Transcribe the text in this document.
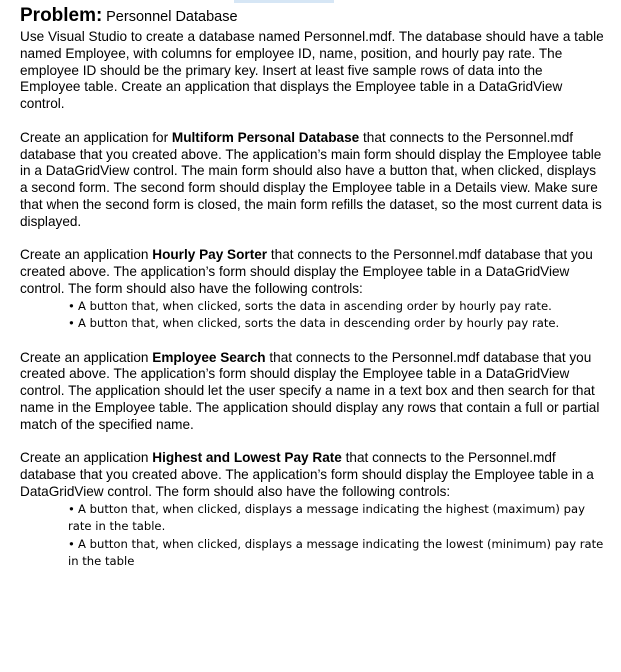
Problem: Personnel Database

Use Visual Studio to create a database named Personnel.mdf. The database should have a table named Employee, with columns for employee ID, name, position, and hourly pay rate. The employee ID should be the primary key. Insert at least five sample rows of data into the Employee table. Create an application that displays the Employee table in a DataGridView control.

Create an application for Multiform Personal Database that connects to the Personnel.mdf database that you created above. The application’s main form should display the Employee table in a DataGridView control. The main form should also have a button that, when clicked, displays a second form. The second form should display the Employee table in a Details view. Make sure that when the second form is closed, the main form refills the dataset, so the most current data is displayed.

Create an application Hourly Pay Sorter that connects to the Personnel.mdf database that you created above. The application’s form should display the Employee table in a DataGridView control. The form should also have the following controls:

• A button that, when clicked, sorts the data in ascending order by hourly pay rate.
• A button that, when clicked, sorts the data in descending order by hourly pay rate.

Create an application Employee Search that connects to the Personnel.mdf database that you created above. The application’s form should display the Employee table in a DataGridView control. The application should let the user specify a name in a text box and then search for that name in the Employee table. The application should display any rows that contain a full or partial match of the specified name.

Create an application Highest and Lowest Pay Rate that connects to the Personnel.mdf database that you created above. The application’s form should display the Employee table in a DataGridView control. The form should also have the following controls:

• A button that, when clicked, displays a message indicating the highest (maximum) pay rate in the table.
• A button that, when clicked, displays a message indicating the lowest (minimum) pay rate in the table
